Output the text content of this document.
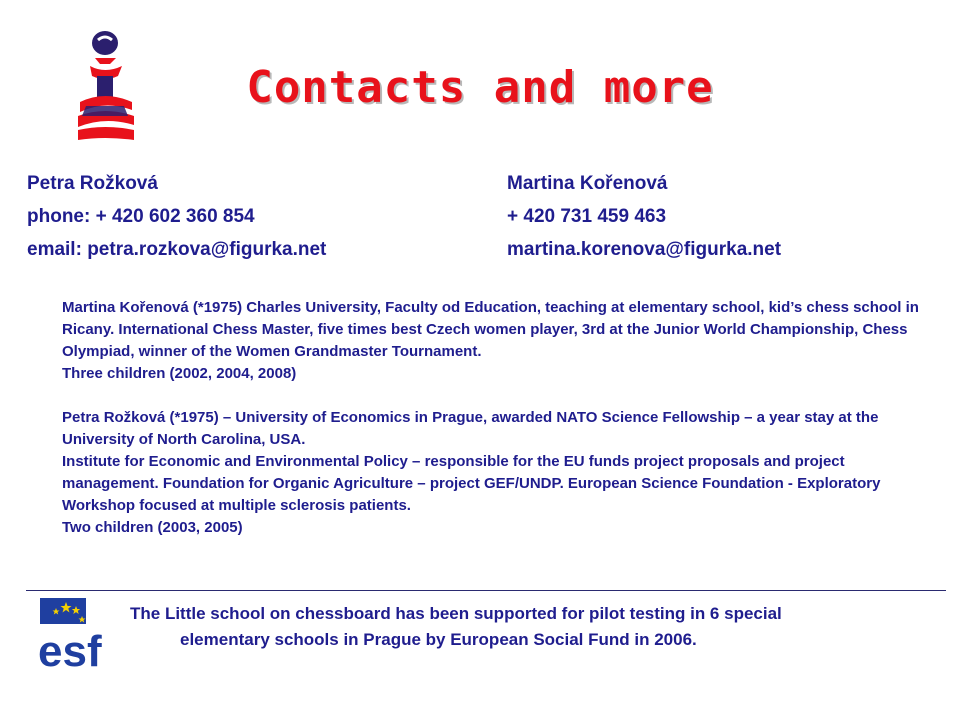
Contacts and more
Petra Rožková
phone: + 420 602 360 854
email: petra.rozkova@figurka.net
Martina Kořenová
+ 420 731 459 463
martina.korenova@figurka.net

Martina Kořenová (*1975) Charles University, Faculty od Education, teaching at elementary school, kid’s chess school in Ricany. International Chess Master, five times best Czech women player, 3rd at the Junior World Championship, Chess Olympiad, winner of the Women Grandmaster Tournament.

Three children (2002, 2004, 2008)

Petra Rožková (*1975) – University of Economics in Prague, awarded NATO Science Fellowship – a year stay at the University of North Carolina, USA.

Institute for Economic and Environmental Policy – responsible for the EU funds project proposals and project management. Foundation for Organic Agriculture – project GEF/UNDP. European Science Foundation - Exploratory Workshop focused at multiple sclerosis patients.

Two children (2003, 2005)

esf
The Little school on chessboard has been supported for pilot testing in 6 special
elementary schools in Prague by European Social Fund in 2006.
